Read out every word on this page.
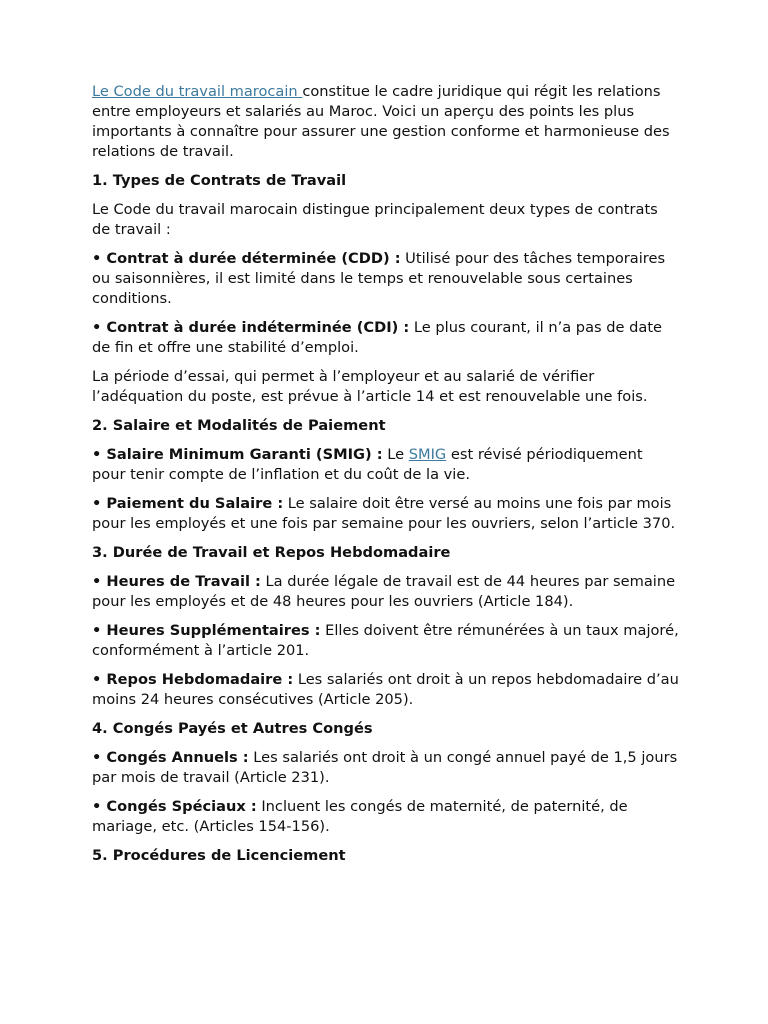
Le Code du travail marocain constitue le cadre juridique qui régit les relations entre employeurs et salariés au Maroc. Voici un aperçu des points les plus importants à connaître pour assurer une gestion conforme et harmonieuse des relations de travail.

1. Types de Contrats de Travail

Le Code du travail marocain distingue principalement deux types de contrats de travail :

• Contrat à durée déterminée (CDD) : Utilisé pour des tâches temporaires ou saisonnières, il est limité dans le temps et renouvelable sous certaines conditions.

• Contrat à durée indéterminée (CDI) : Le plus courant, il n’a pas de date de fin et offre une stabilité d’emploi.

La période d’essai, qui permet à l’employeur et au salarié de vérifier l’adéquation du poste, est prévue à l’article 14 et est renouvelable une fois.

2. Salaire et Modalités de Paiement

• Salaire Minimum Garanti (SMIG) : Le SMIG est révisé périodiquement pour tenir compte de l’inflation et du coût de la vie.

• Paiement du Salaire : Le salaire doit être versé au moins une fois par mois pour les employés et une fois par semaine pour les ouvriers, selon l’article 370.

3. Durée de Travail et Repos Hebdomadaire

• Heures de Travail : La durée légale de travail est de 44 heures par semaine pour les employés et de 48 heures pour les ouvriers (Article 184).

• Heures Supplémentaires : Elles doivent être rémunérées à un taux majoré, conformément à l’article 201.

• Repos Hebdomadaire : Les salariés ont droit à un repos hebdomadaire d’au moins 24 heures consécutives (Article 205).

4. Congés Payés et Autres Congés

• Congés Annuels : Les salariés ont droit à un congé annuel payé de 1,5 jours par mois de travail (Article 231).

• Congés Spéciaux : Incluent les congés de maternité, de paternité, de mariage, etc. (Articles 154-156).

5. Procédures de Licenciement
